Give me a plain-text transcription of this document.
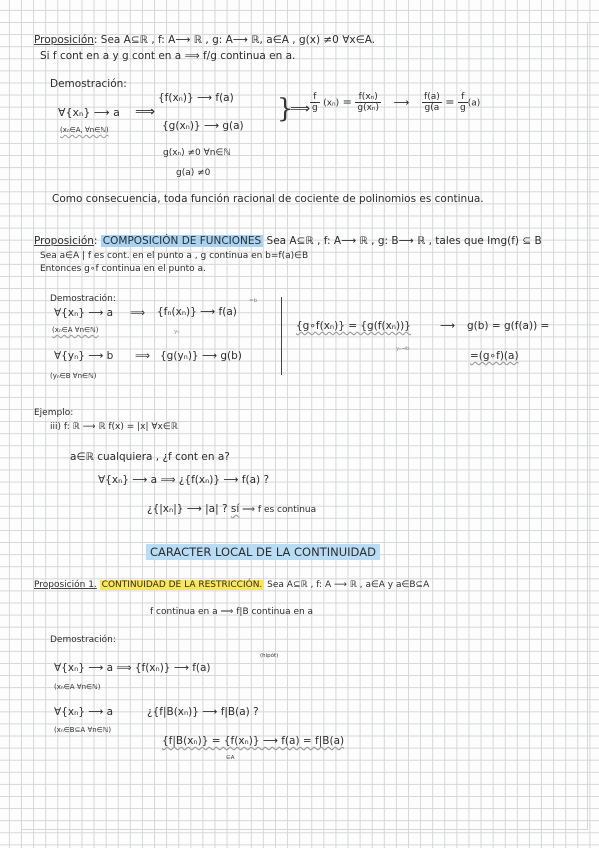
Proposición: Sea A⊆ℝ , f: A⟶ ℝ , g: A⟶ ℝ, a∈A , g(x) ≠0 ∀x∈A.
Si f cont en a y g cont en a ⟹ f/g continua en a.
Demostración:
∀{xₙ} ⟶ a
(xₙ∈A, ∀n∈ℕ)
⟹
{f(xₙ)} ⟶ f(a)
{g(xₙ)} ⟶ g(a)
g(xₙ) ≠0 ∀n∈ℕ
g(a) ≠0
}
⟹ $\frac{f}{g} (x_n) = \frac{\text{f(xₙ)}}{\text{g(xₙ)}}$ ⟶ $\frac{f(a)}{g(a} = \frac{f}{g} (a)$
Como consecuencia, toda función racional de cociente de polinomios es continua.
Proposición: COMPOSICIÓN DE FUNCIONES Sea A⊆ℝ , f: A⟶ ℝ , g: B⟶ ℝ , tales que Img(f) ⊆ B
Sea a∈A | f es cont. en el punto a , g continua en b=f(a)∈B
Entonces g∘f continua en el punto a.
Demostración:
∀{xₙ} ⟶ a
(xₙ∈A ∀n∈ℕ)
⟹ {fₙ(xₙ)} ⟶ f(a)
yₙ
=b
∀{yₙ} ⟶ b
(yₙ∈B ∀n∈ℕ)
⟹ {g(yₙ)} ⟶ g(b)
{g∘f(xₙ)} = {g(f(xₙ))}	⟶ g(b) = g(f(a)) =
yₙ→b
=(g∘f)(a)
Ejemplo:
iii) f: ℝ ⟶ ℝ f(x) = |x| ∀x∈ℝ
a∈ℝ cualquiera , ¿f cont en a?
∀{xₙ} ⟶ a ⟹ ¿{f(xₙ)} ⟶ f(a) ?
¿{|xₙ|} ⟶ |a| ? sí ⟹ f es continua
CARACTER LOCAL DE LA CONTINUIDAD
Proposición 1. CONTINUIDAD DE LA RESTRICCIÓN. Sea A⊆ℝ , f: A ⟶ ℝ , a∈A y a∈B⊆A
f continua en a ⟹ f|B continua en a
Demostración:
(hipót)
∀{xₙ} ⟶ a ⟹ {f(xₙ)} ⟶ f(a)
(xₙ∈A ∀n∈ℕ)
∀{xₙ} ⟶ a
(xₙ∈B⊆A ∀n∈ℕ)
¿{f|B(xₙ)} ⟶ f|B(a) ?
{f|B(xₙ)} = {f(xₙ)} ⟶ f(a) = f|B(a)
∈A
